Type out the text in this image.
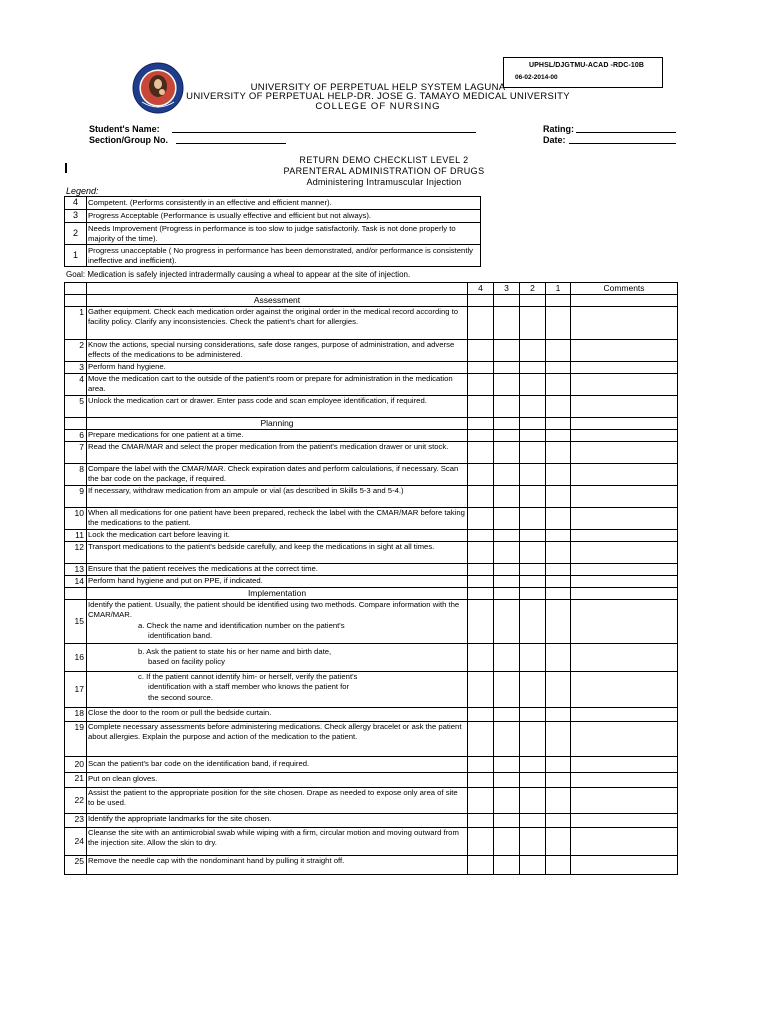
UPHSL/DJGTMU-ACAD -RDC-10B
06-02-2014-00
UNIVERSITY OF PERPETUAL HELP SYSTEM LAGUNA
UNIVERSITY OF PERPETUAL HELP-DR. JOSE G. TAMAYO MEDICAL UNIVERSITY
COLLEGE OF NURSING
Student's Name:
Section/Group No.
Rating:
Date:
RETURN DEMO CHECKLIST LEVEL 2
PARENTERAL ADMINISTRATION OF DRUGS
Administering Intramuscular Injection
Legend:
4	Competent. (Performs consistently in an effective and efficient manner).
3	Progress Acceptable (Performance is usually effective and efficient but not always).
2	Needs Improvement (Progress in performance is too slow to judge satisfactorily. Task is not done properly to majority of the time).
1	Progress unacceptable ( No progress in performance has been demonstrated, and/or performance is consistently ineffective and inefficient).
Goal: Medication is safely injected intradermally causing a wheal to appear at the site of injection.
		4	3	2	1	Comments
	Assessment					
1	Gather equipment. Check each medication order against the original order in the medical record according to facility policy. Clarify any inconsistencies. Check the patient's chart for allergies.					
2	Know the actions, special nursing considerations, safe dose ranges, purpose of administration, and adverse effects of the medications to be administered.					
3	Perform hand hygiene.					
4	Move the medication cart to the outside of the patient's room or prepare for administration in the medication area.					
5	Unlock the medication cart or drawer. Enter pass code and scan employee identification, if required.					
	Planning					
6	Prepare medications for one patient at a time.					
7	Read the CMAR/MAR and select the proper medication from the patient's medication drawer or unit stock.					
8	Compare the label with the CMAR/MAR. Check expiration dates and perform calculations, if necessary. Scan the bar code on the package, if required.					
9	If necessary, withdraw medication from an ampule or vial (as described in Skills 5-3 and 5-4.)					
10	When all medications for one patient have been prepared, recheck the label with the CMAR/MAR before taking the medications to the patient.					
11	Lock the medication cart before leaving it.					
12	Transport medications to the patient's bedside carefully, and keep the medications in sight at all times.					
13	Ensure that the patient receives the medications at the correct time.					
14	Perform hand hygiene and put on PPE, if indicated.					
	Implementation					
15	Identify the patient. Usually, the patient should be identified using two methods. Compare information with the CMAR/MAR.
a. Check the name and identification number on the patient's
identification band.					

16	b. Ask the patient to state his or her name and birth date,
based on facility policy					

17	c. If the patient cannot identify him- or herself, verify the patient's
identification with a staff member who knows the patient for
the second source.					

18	Close the door to the room or pull the bedside curtain.					
19	Complete necessary assessments before administering medications. Check allergy bracelet or ask the patient about allergies. Explain the purpose and action of the medication to the patient.					
20	Scan the patient's bar code on the identification band, if required.					
21	Put on clean gloves.					
22	Assist the patient to the appropriate position for the site chosen. Drape as needed to expose only area of site to be used.					
23	Identify the appropriate landmarks for the site chosen.					
24	Cleanse the site with an antimicrobial swab while wiping with a firm, circular motion and moving outward from the injection site. Allow the skin to dry.					
25	Remove the needle cap with the nondominant hand by pulling it straight off.					
